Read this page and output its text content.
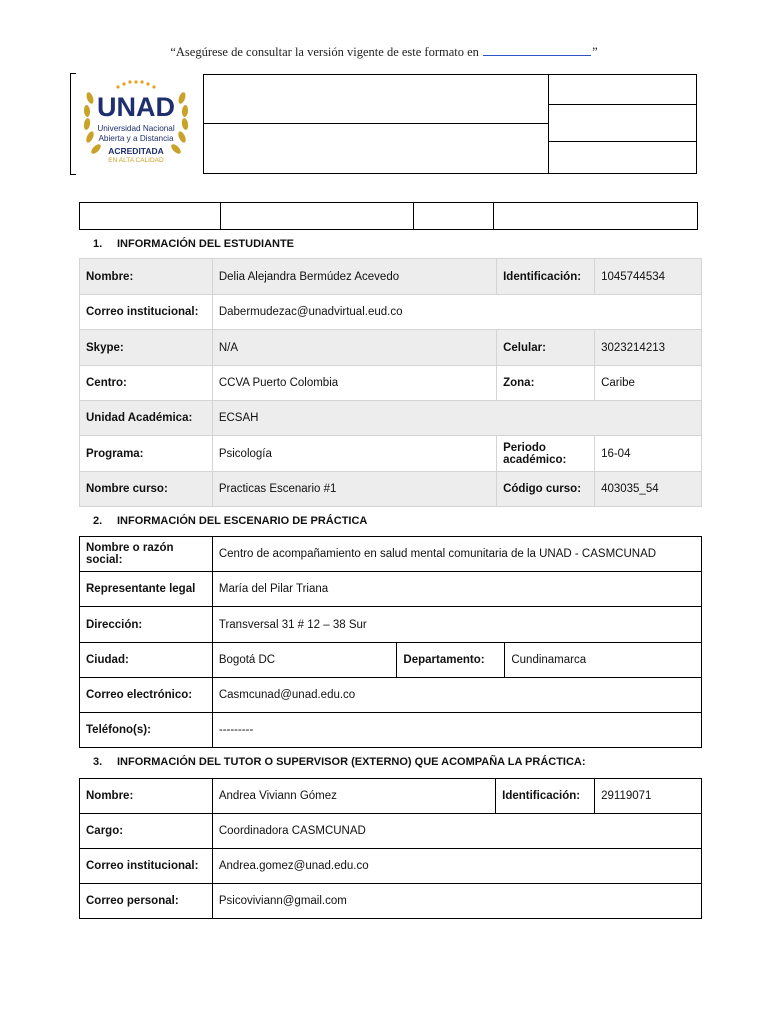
“Asegúrese de consultar la versión vigente de este formato en	”
UNAD
Universidad Nacional
Abierta y a Distancia
ACREDITADA
EN ALTA CALIDAD
1. INFORMACIÓN DEL ESTUDIANTE
Nombre:	Delia Alejandra Bermúdez Acevedo	Identificación:	1045744534
Correo institucional:	Dabermudezac@unadvirtual.eud.co		
Skype:	N/A	Celular:	3023214213
Centro:	CCVA Puerto Colombia	Zona:	Caribe
Unidad Académica:	ECSAH		
Programa:	Psicología	Periodo académico:	16-04
Nombre curso:	Practicas Escenario #1	Código curso:	403035_54
2. INFORMACIÓN DEL ESCENARIO DE PRÁCTICA
Nombre o razón social:	Centro de acompañamiento en salud mental comunitaria de la UNAD - CASMCUNAD		
Representante legal	María del Pilar Triana		
Dirección:	Transversal 31 # 12 – 38 Sur		
Ciudad:	Bogotá DC	Departamento:	Cundinamarca
Correo electrónico:	Casmcunad@unad.edu.co		
Teléfono(s):	---------		
3. INFORMACIÓN DEL TUTOR O SUPERVISOR (EXTERNO) QUE ACOMPAÑA LA PRÁCTICA:
Nombre:	Andrea Viviann Gómez	Identificación:	29119071
Cargo:	Coordinadora CASMCUNAD		
Correo institucional:	Andrea.gomez@unad.edu.co		
Correo personal:	Psicoviviann@gmail.com		
